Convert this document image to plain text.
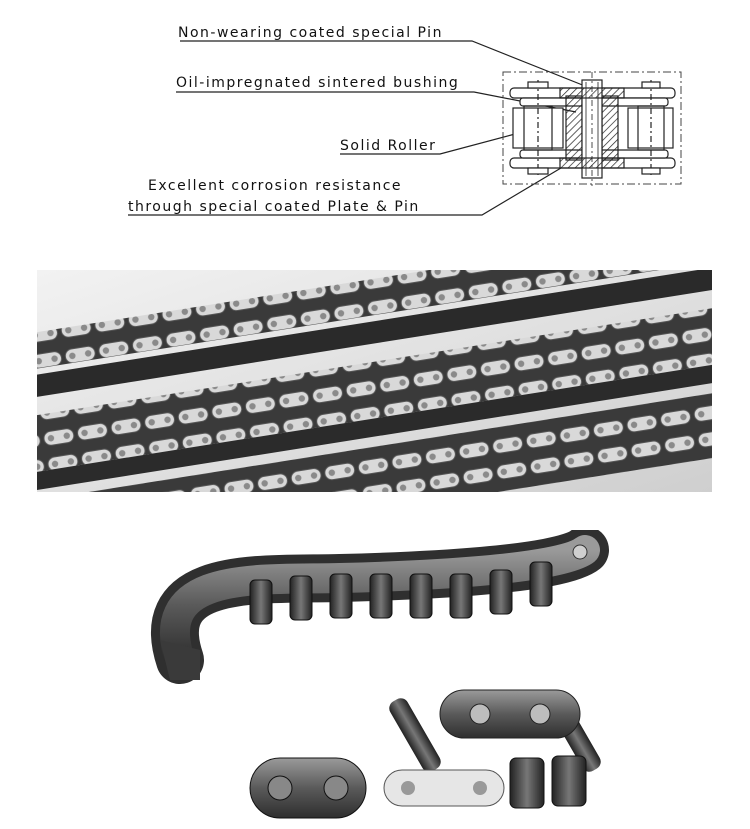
Non-wearing coated special Pin
Oil-impregnated sintered bushing
Solid Roller
Excellent corrosion resistance
through special coated Plate & Pin
